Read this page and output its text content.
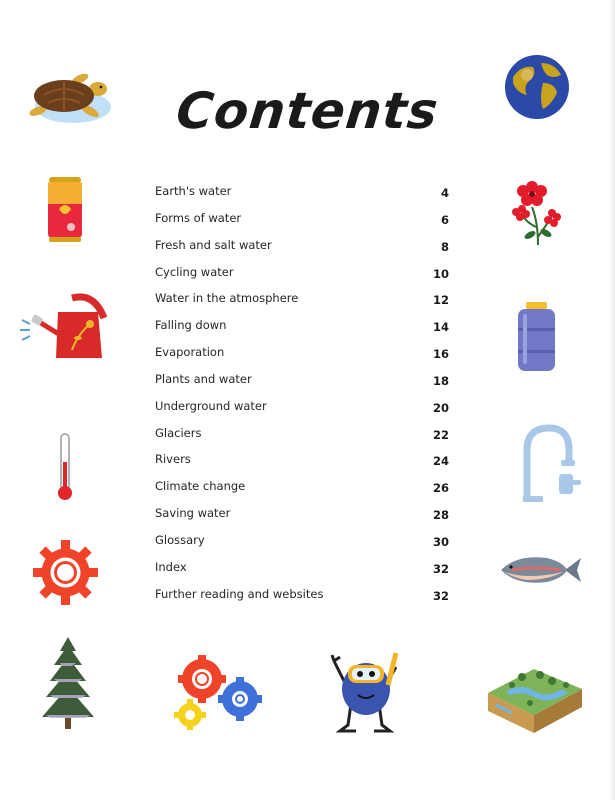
Contents
Earth's water	4
Forms of water	6
Fresh and salt water	8
Cycling water	10
Water in the atmosphere	12
Falling down	14
Evaporation	16
Plants and water	18
Underground water	20
Glaciers	22
Rivers	24
Climate change	26
Saving water	28
Glossary	30
Index	32
Further reading and websites	32
